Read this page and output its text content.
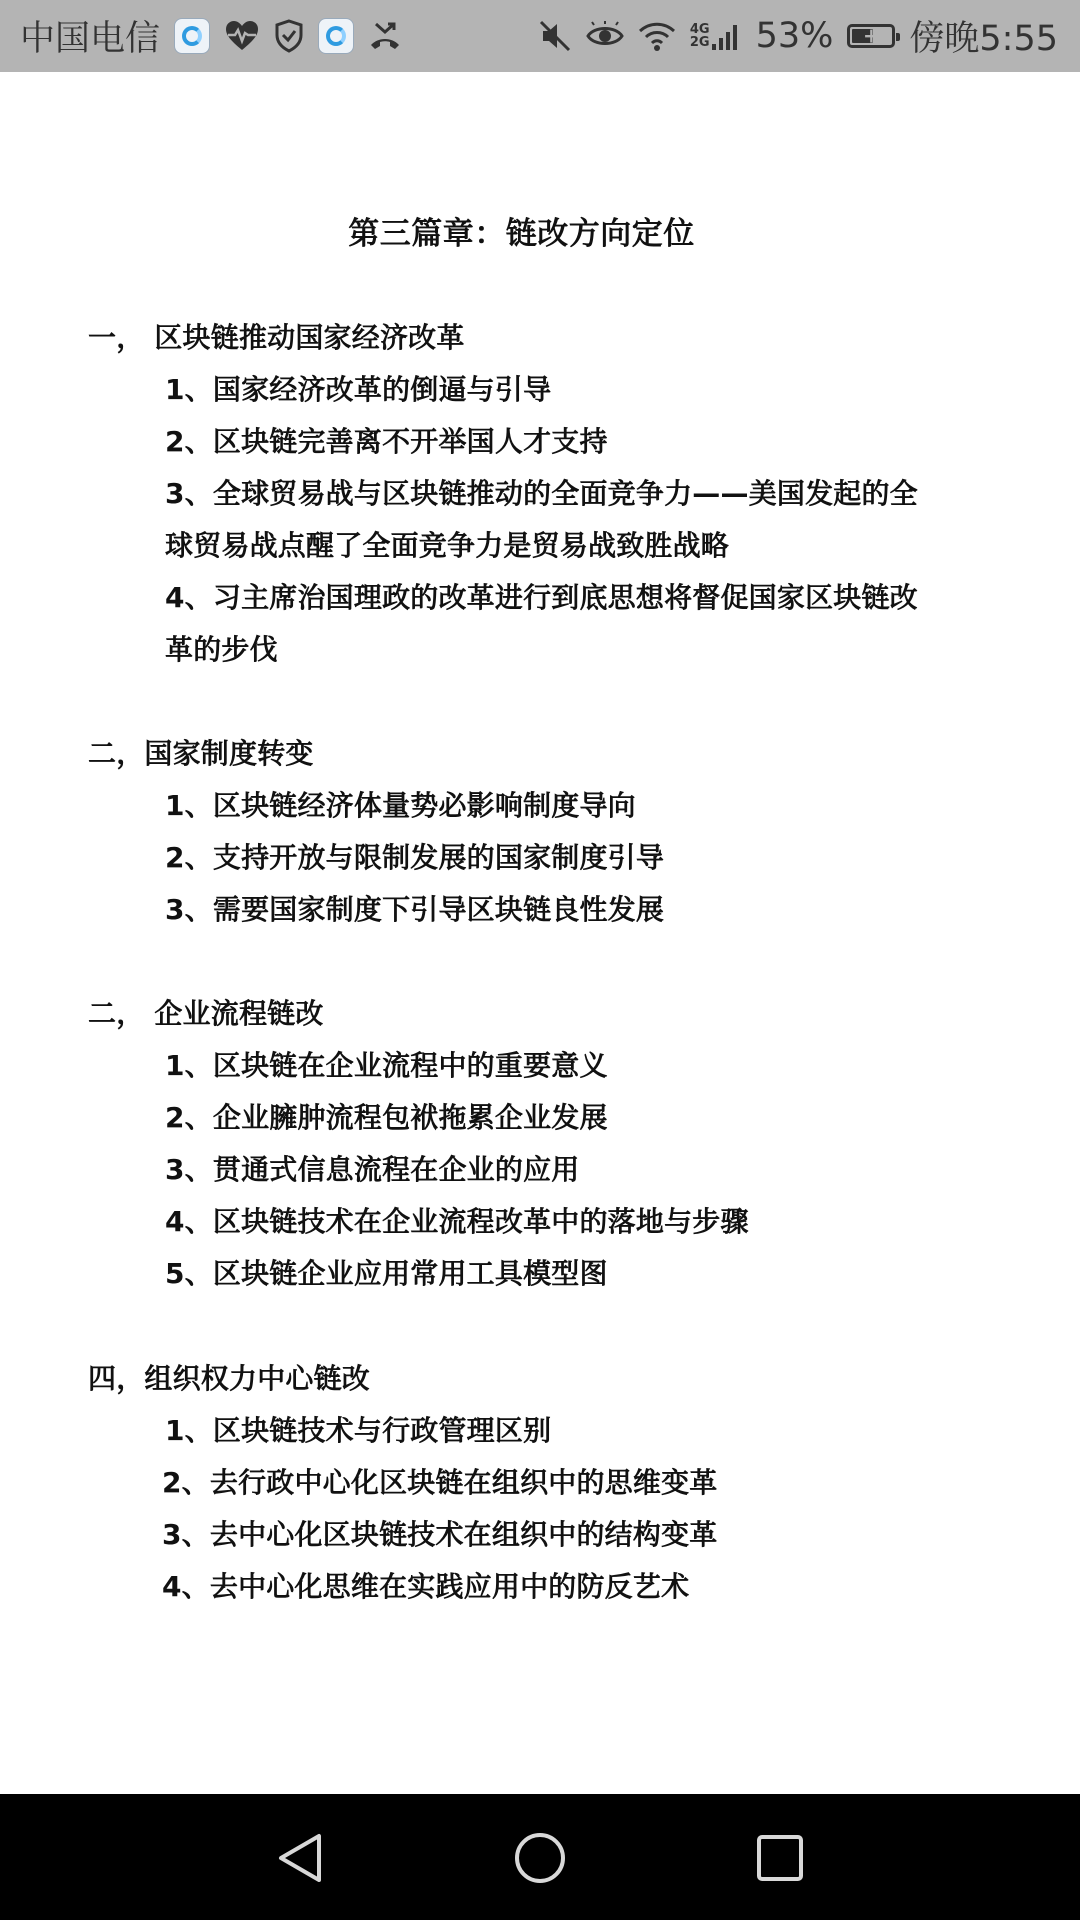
中国电信	4G
2G 53% + 傍晚5:55
第三篇章：链改方向定位
一， 区块链推动国家经济改革
1、国家经济改革的倒逼与引导
2、区块链完善离不开举国人才支持
3、全球贸易战与区块链推动的全面竞争力——美国发起的全
球贸易战点醒了全面竞争力是贸易战致胜战略
4、习主席治国理政的改革进行到底思想将督促国家区块链改
革的步伐
二，国家制度转变
1、区块链经济体量势必影响制度导向
2、支持开放与限制发展的国家制度引导
3、需要国家制度下引导区块链良性发展
二， 企业流程链改
1、区块链在企业流程中的重要意义
2、企业臃肿流程包袱拖累企业发展
3、贯通式信息流程在企业的应用
4、区块链技术在企业流程改革中的落地与步骤
5、区块链企业应用常用工具模型图
四，组织权力中心链改
1、区块链技术与行政管理区别
2、去行政中心化区块链在组织中的思维变革
3、去中心化区块链技术在组织中的结构变革
4、去中心化思维在实践应用中的防反艺术
